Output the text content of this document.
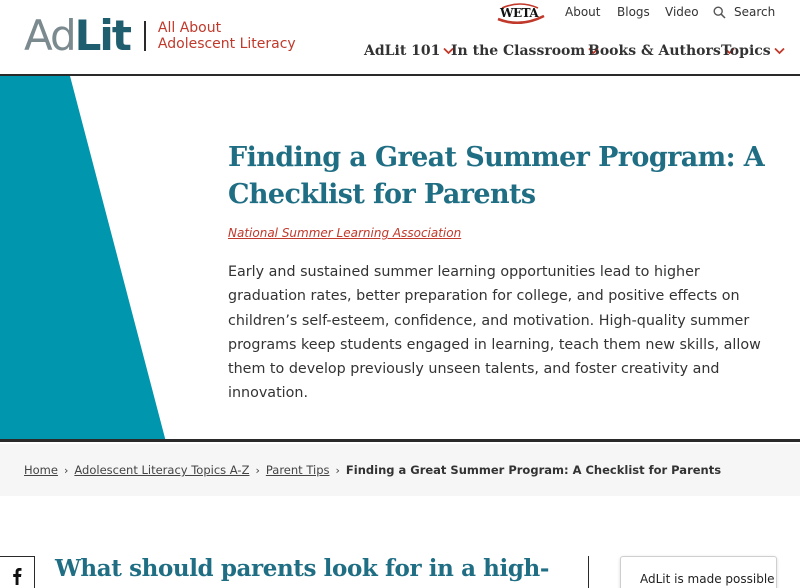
Ad Lit All About
Adolescent Literacy
WETA About Blogs Video	Search
AdLit 101 In the Classroom Books & Authors Topics
Finding a Great Summer Program: A Checklist for Parents
National Summer Learning Association

Early and sustained summer learning opportunities lead to higher graduation rates, better preparation for college, and positive effects on children’s self-esteem, confidence, and motivation. High-quality summer programs keep students engaged in learning, teach them new skills, allow them to develop previously unseen talents, and foster creativity and innovation.

Home › Adolescent Literacy Topics A-Z › Parent Tips › Finding a Great Summer Program: A Checklist for Parents
What should parents look for in a high-	AdLit is made possible
